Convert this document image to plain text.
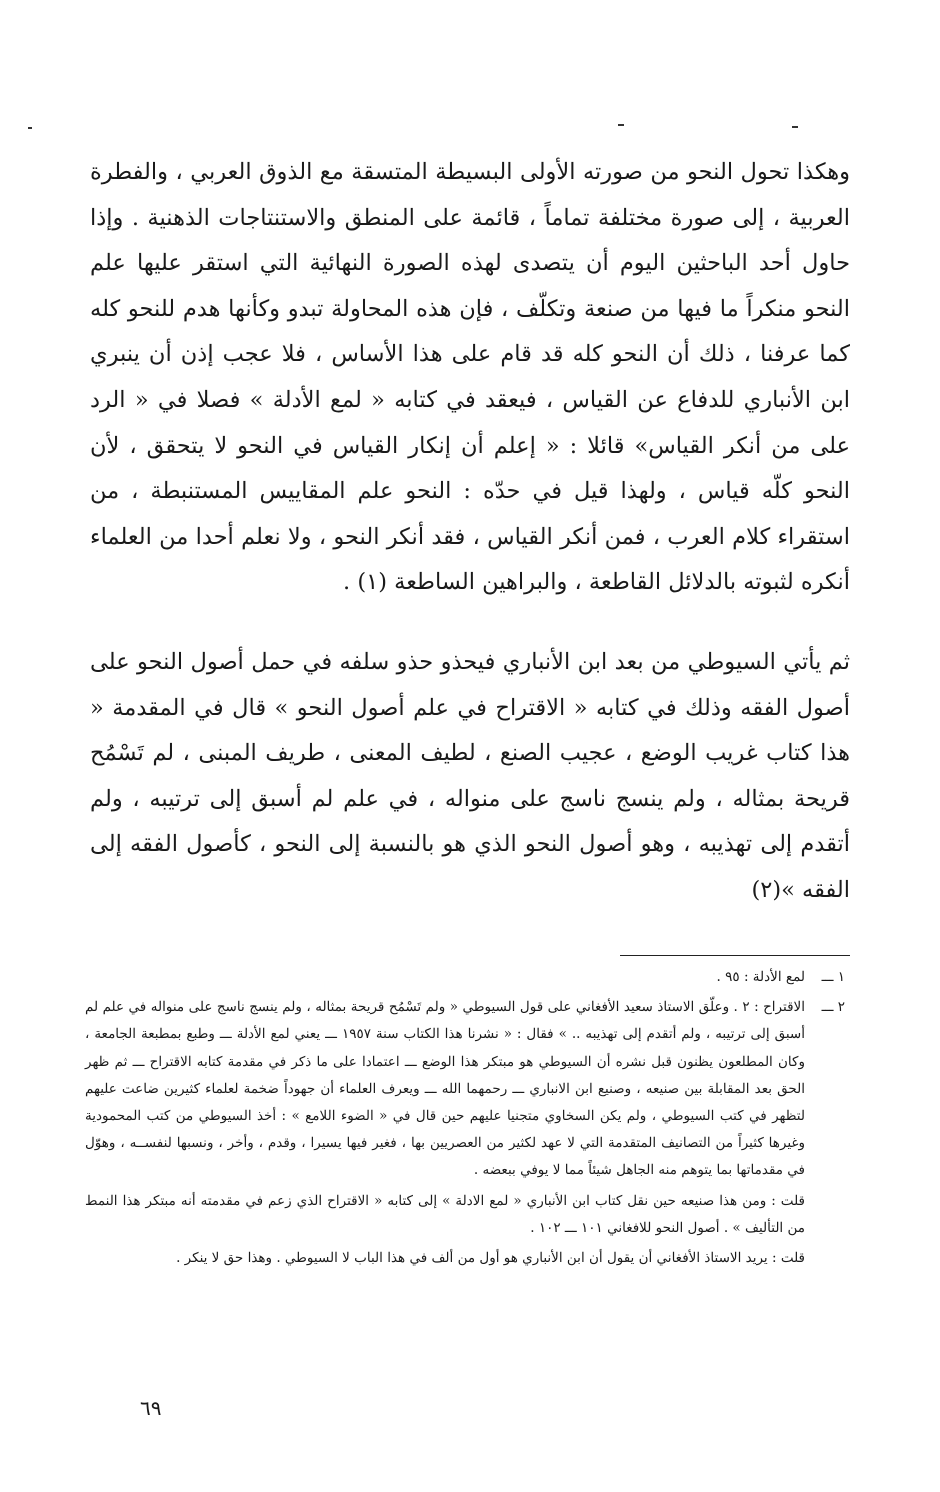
وهكذا تحول النحو من صورته الأولى البسيطة المتسقة مع الذوق العربي ، والفطرة العربية ، إلى صورة مختلفة تماماً ، قائمة على المنطق والاستنتاجات الذهنية . وإذا حاول أحد الباحثين اليوم أن يتصدى لهذه الصورة النهائية التي استقر عليها علم النحو منكراً ما فيها من صنعة وتكلّف ، فإن هذه المحاولة تبدو وكأنها هدم للنحو كله كما عرفنا ، ذلك أن النحو كله قد قام على هذا الأساس ، فلا عجب إذن أن ينبري ابن الأنباري للدفاع عن القياس ، فيعقد في كتابه « لمع الأدلة » فصلا في « الرد على من أنكر القياس» قائلا : « إعلم أن إنكار القياس في النحو لا يتحقق ، لأن النحو كلّه قياس ، ولهذا قيل في حدّه : النحو علم المقاييس المستنبطة ، من استقراء كلام العرب ، فمن أنكر القياس ، فقد أنكر النحو ، ولا نعلم أحدا من العلماء أنكره لثبوته بالدلائل القاطعة ، والبراهين الساطعة (١) .

ثم يأتي السيوطي من بعد ابن الأنباري فيحذو حذو سلفه في حمل أصول النحو على أصول الفقه وذلك في كتابه « الاقتراح في علم أصول النحو » قال في المقدمة « هذا كتاب غريب الوضع ، عجيب الصنع ، لطيف المعنى ، طريف المبنى ، لم تَسْمُح قريحة بمثاله ، ولم ينسج ناسج على منواله ، في علم لم أسبق إلى ترتيبه ، ولم أتقدم إلى تهذيبه ، وهو أصول النحو الذي هو بالنسبة إلى النحو ، كأصول الفقه إلى الفقه »(٢)

١ ـــ
لمع الأدلة : ٩٥ .
٢ ـــ
الاقتراح : ٢ . وعلّق الاستاذ سعيد الأفغاني على قول السيوطي « ولم تَسْمُح قريحة بمثاله ، ولم ينسج ناسج على منواله في علم لم أسبق إلى ترتيبه ، ولم أتقدم إلى تهذيبه .. » فقال : « نشرنا هذا الكتاب سنة ١٩٥٧ ـــ يعني لمع الأدلة ـــ وطبع بمطبعة الجامعة ، وكان المطلعون يظنون قبل نشره أن السيوطي هو مبتكر هذا الوضع ـــ اعتمادا على ما ذكر في مقدمة كتابه الاقتراح ـــ ثم ظهر الحق بعد المقابلة بين صنيعه ، وصنيع ابن الانباري ـــ رحمهما الله ـــ ويعرف العلماء أن جهوداً ضخمة لعلماء كثيرين ضاعت عليهم لتظهر في كتب السيوطي ، ولم يكن السخاوي متجنيا عليهم حين قال في « الضوء اللامع » : أخذ السيوطي من كتب المحمودية وغيرها كثيراً من التصانيف المتقدمة التي لا عهد لكثير من العصريين بها ، فغير فيها يسيرا ، وقدم ، وأخر ، ونسبها لنفســه ، وهوّل في مقدماتها بما يتوهم منه الجاهل شيئاً مما لا يوفي ببعضه .
قلت : ومن هذا صنيعه حين نقل كتاب ابن الأنباري « لمع الادلة » إلى كتابه « الاقتراح الذي زعم في مقدمته أنه مبتكر هذا النمط من التأليف » . أصول النحو للافغاني ١٠١ ـــ ١٠٢ .
قلت : يريد الاستاذ الأفغاني أن يقول أن ابن الأنباري هو أول من ألف في هذا الباب لا السيوطي . وهذا حق لا ينكر .
٦٩
